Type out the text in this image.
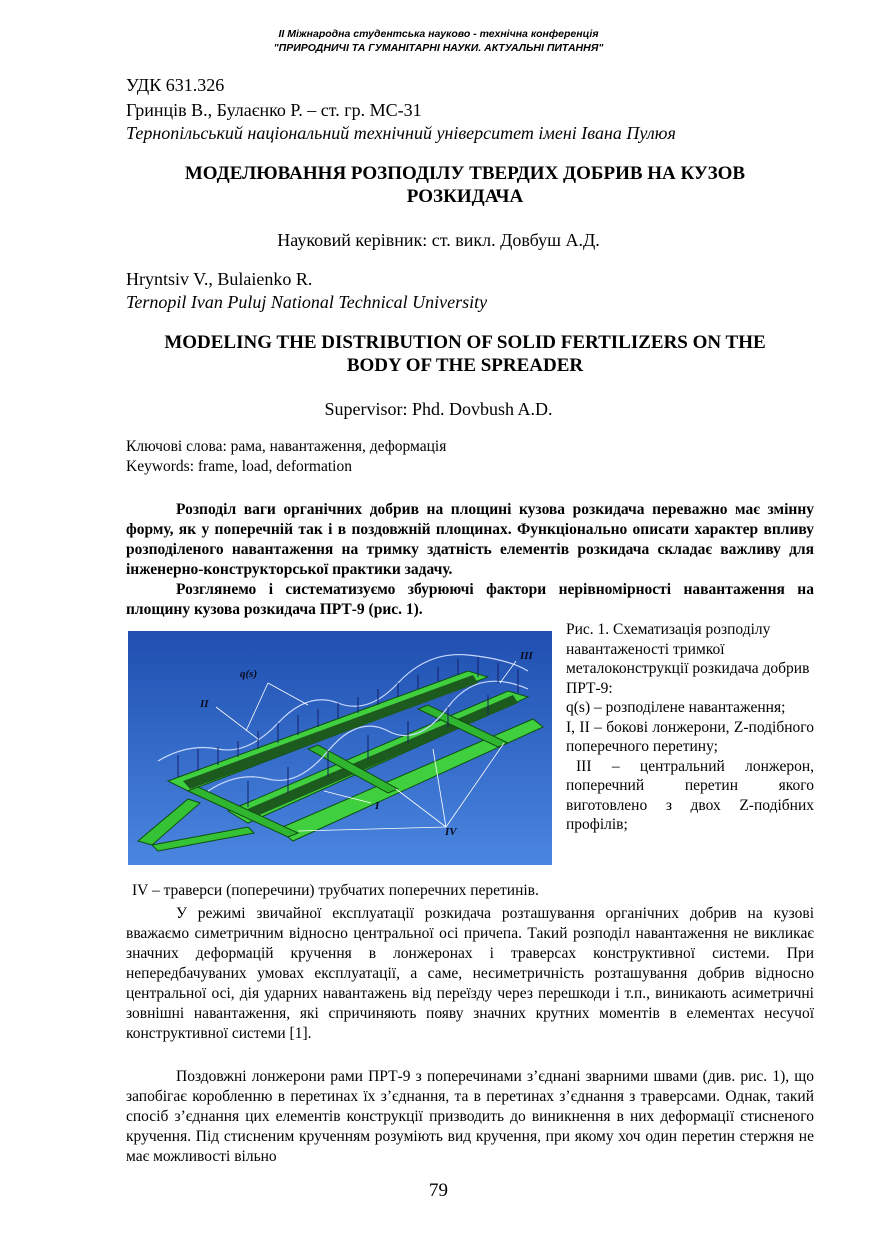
II Міжнародна студентська науково - технічна конференція
"ПРИРОДНИЧІ ТА ГУМАНІТАРНІ НАУКИ. АКТУАЛЬНІ ПИТАННЯ"
УДК 631.326
Гринців В., Булаєнко Р. – ст. гр. МС-31
Тернопільський національний технічний університет імені Івана Пулюя
МОДЕЛЮВАННЯ РОЗПОДІЛУ ТВЕРДИХ ДОБРИВ НА КУЗОВ
РОЗКИДАЧА
Науковий керівник: ст. викл. Довбуш А.Д.
Hryntsiv V., Bulaienko R.
Ternopil Ivan Puluj National Technical University
MODELING THE DISTRIBUTION OF SOLID FERTILIZERS ON THE
BODY OF THE SPREADER
Supervisor: Phd. Dovbush A.D.
Ключові слова: рама, навантаження, деформація
Keywords: frame, load, deformation
Розподіл ваги органічних добрив на площині кузова розкидача переважно має змінну форму, як у поперечній так і в поздовжній площинах. Функціонально описати характер впливу розподіленого навантаження на тримку здатність елементів розкидача складає важливу для інженерно-конструкторської практики задачу.
Розглянемо і систематизуємо збурюючі фактори нерівномірності навантаження на площину кузова розкидача ПРТ-9 (рис. 1).
q(s)
II
III
I
IV

Рис. 1. Схематизація розподілу навантаженості тримкої металоконструкції розкидача добрив ПРТ-9:

q(s) – розподілене навантаження;

I, II – бокові лонжерони, Z-подібного поперечного перетину;

III – центральний лонжерон, поперечний перетин якого виготовлено з двох Z-подібних профілів;

IV – траверси (поперечини) трубчатих поперечних перетинів.
У режимі звичайної експлуатації розкидача розташування органічних добрив на кузові вважаємо симетричним відносно центральної осі причепа. Такий розподіл навантаження не викликає значних деформацій кручення в лонжеронах і траверсах конструктивної системи. При непередбачуваних умовах експлуатації, а саме, несиметричність розташування добрив відносно центральної осі, дія ударних навантажень від переїзду через перешкоди і т.п., виникають асиметричні зовнішні навантаження, які спричиняють появу значних крутних моментів в елементах несучої конструктивної системи [1].
Поздовжні лонжерони рами ПРТ-9 з поперечинами з’єднані зварними швами (див. рис. 1), що запобігає коробленню в перетинах їх з’єднання, та в перетинах з’єднання з траверсами. Однак, такий спосіб з’єднання цих елементів конструкції призводить до виникнення в них деформації стисненого кручення. Під стисненим крученням розуміють вид кручення, при якому хоч один перетин стержня не має можливості вільно
79
